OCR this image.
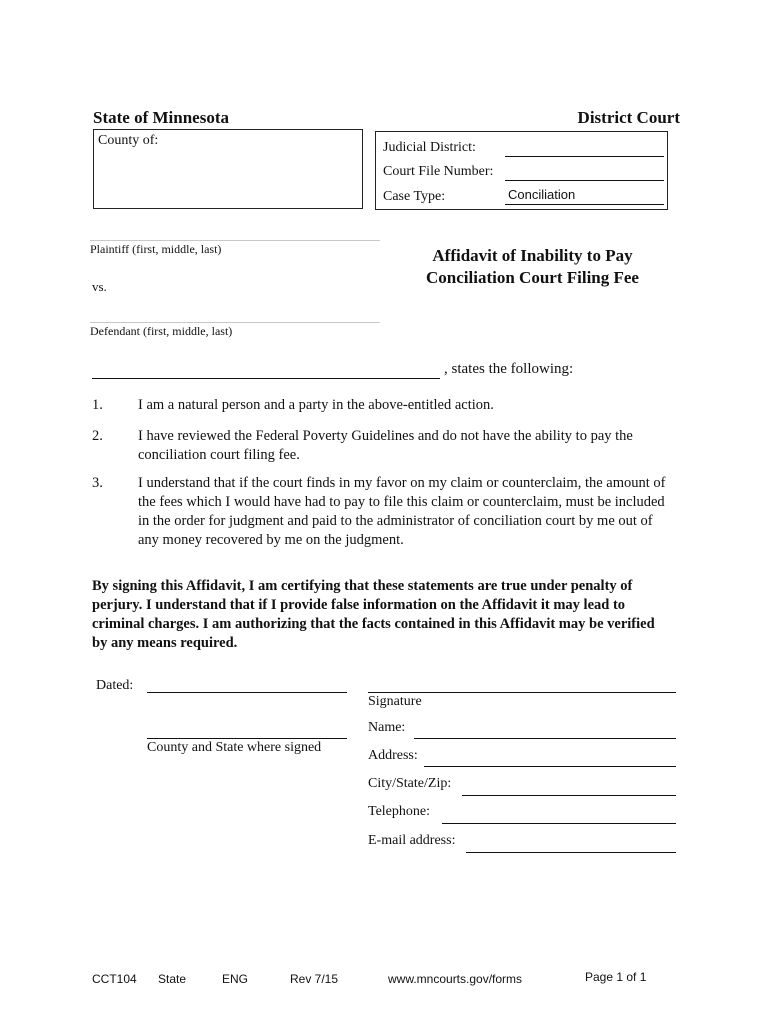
State of Minnesota	District Court
County of:	Judicial District:
Court File Number:
Case Type:	Conciliation
Plaintiff (first, middle, last)
vs.
Defendant (first, middle, last)
Affidavit of Inability to Pay
Conciliation Court Filing Fee
, states the following:
1. I am a natural person and a party in the above-entitled action.
2. I have reviewed the Federal Poverty Guidelines and do not have the ability to pay the conciliation court filing fee.
3. I understand that if the court finds in my favor on my claim or counterclaim, the amount of the fees which I would have had to pay to file this claim or counterclaim, must be included in the order for judgment and paid to the administrator of conciliation court by me out of any money recovered by me on the judgment.
By signing this Affidavit, I am certifying that these statements are true under penalty of perjury. I understand that if I provide false information on the Affidavit it may lead to criminal charges. I am authorizing that the facts contained in this Affidavit may be verified by any means required.
Dated:
County and State where signed
Signature
Name:
Address:
City/State/Zip:
Telephone:
E-mail address:
CCT104 State	ENG	Rev 7/15	www.mncourts.gov/forms	Page 1 of 1
